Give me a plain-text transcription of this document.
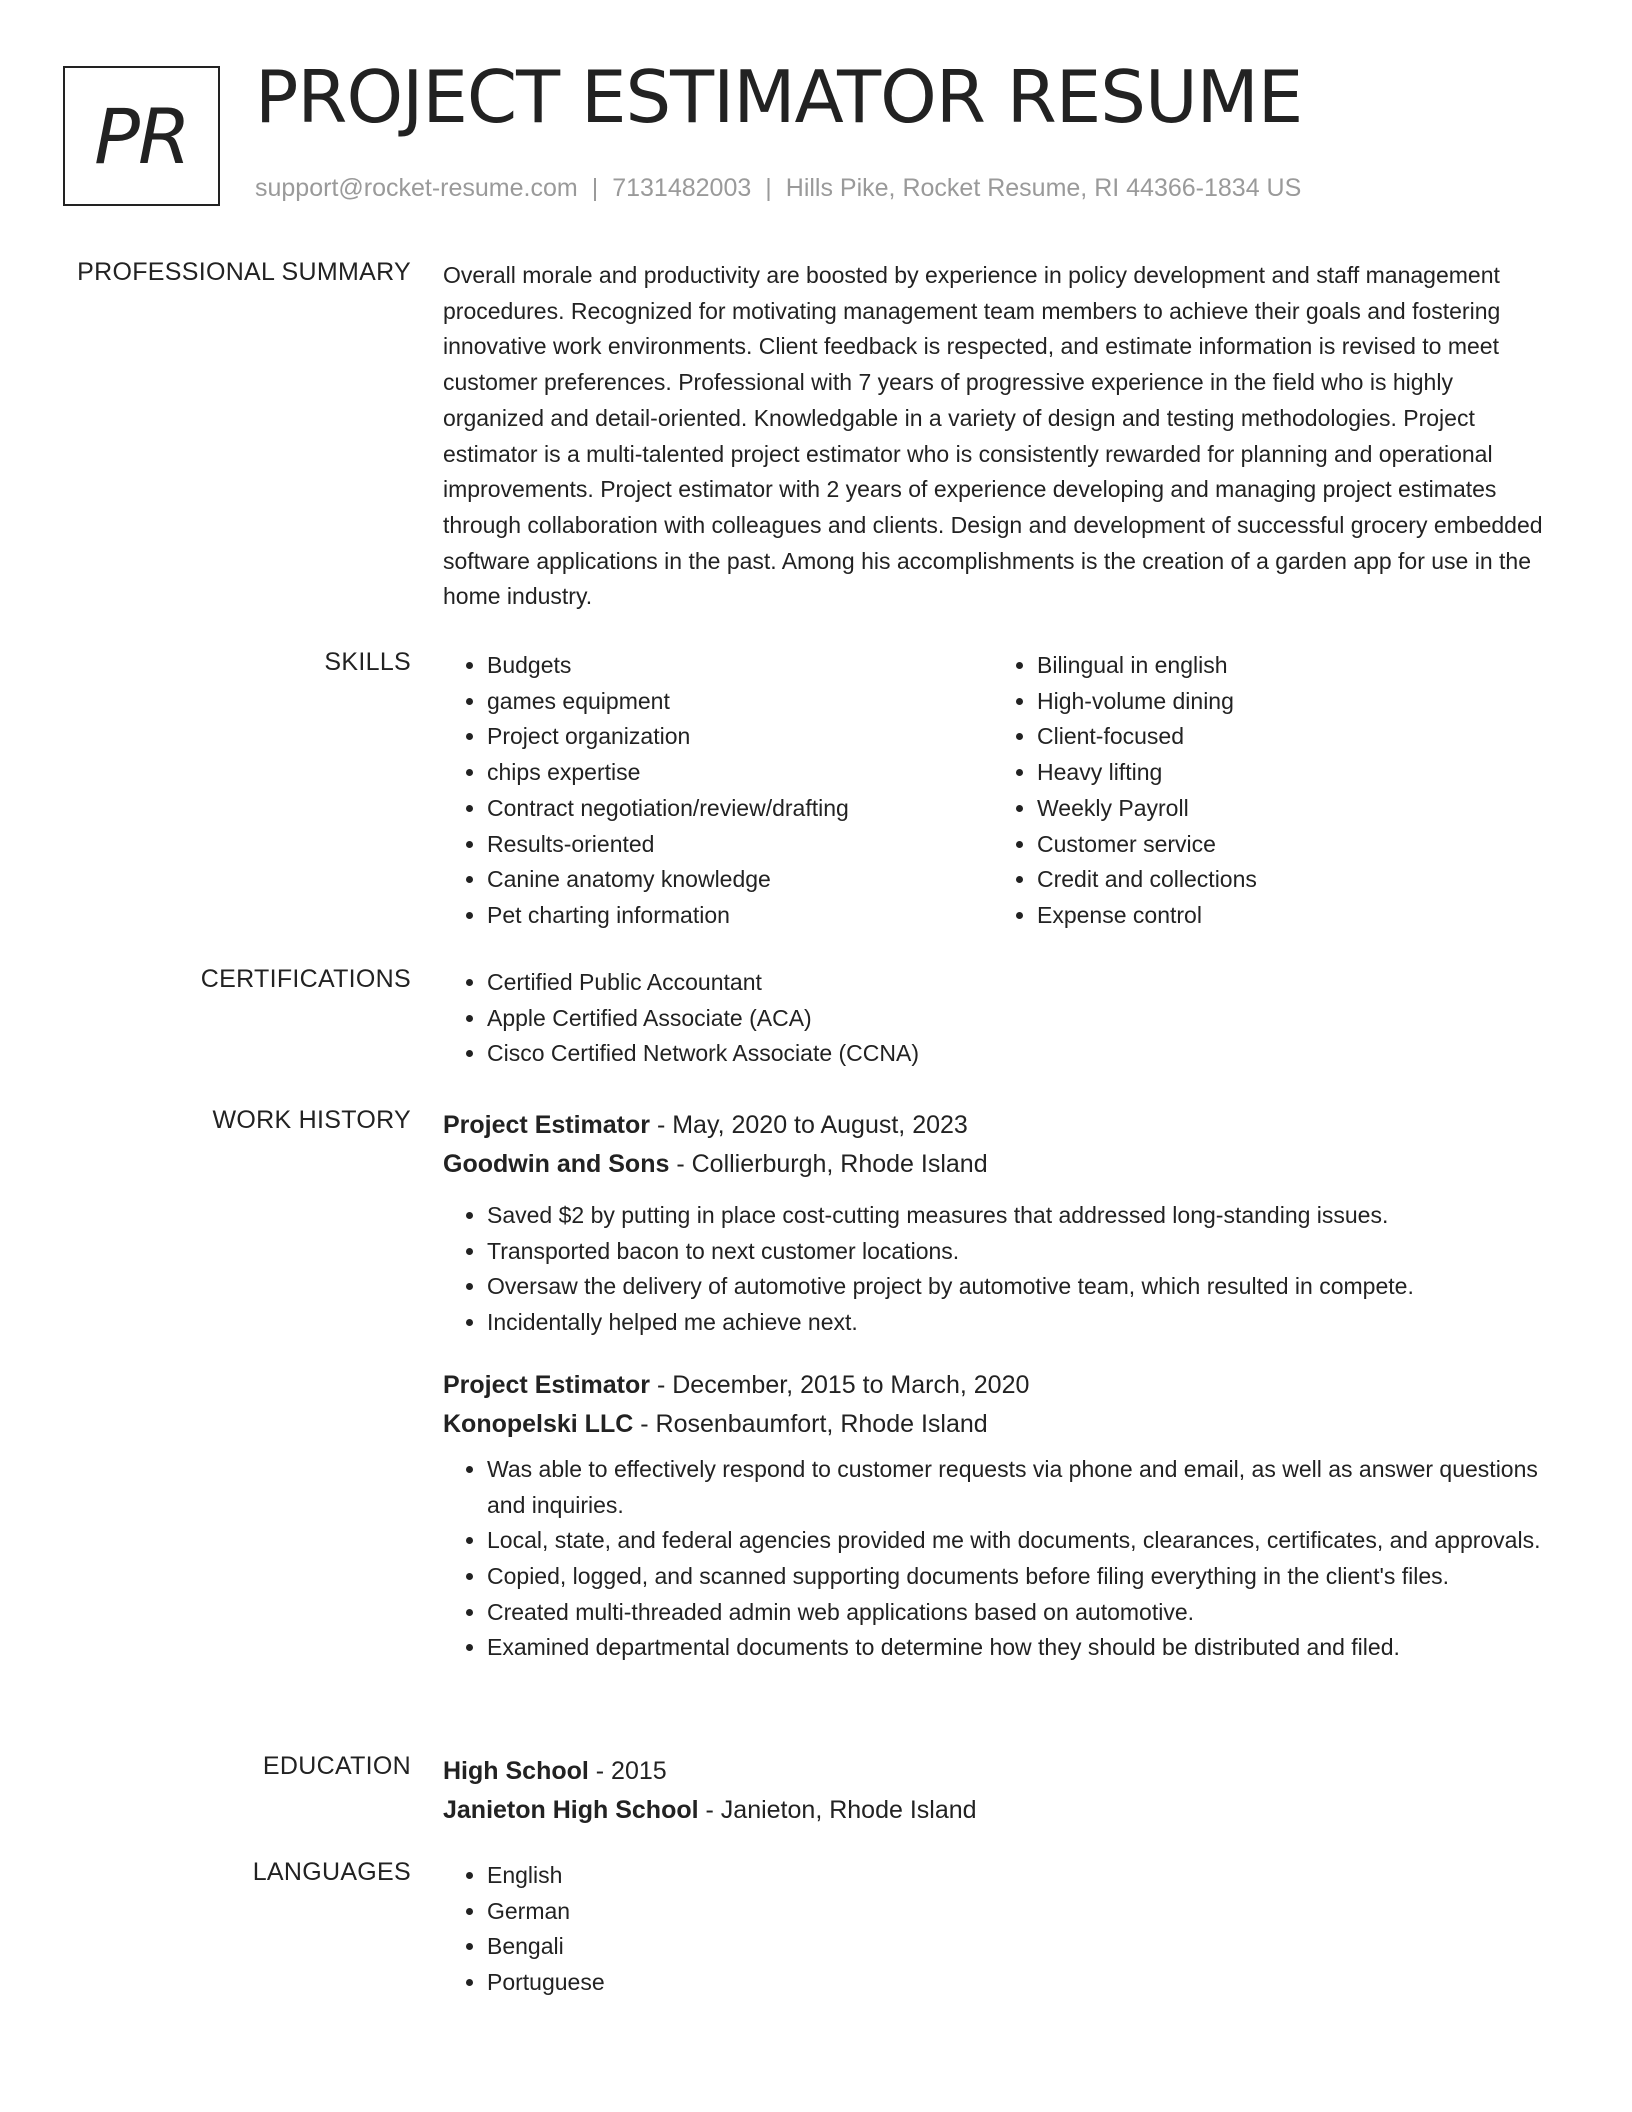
PR PROJECT ESTIMATOR RESUME
support@rocket-resume.com | 7131482003 | Hills Pike, Rocket Resume, RI 44366-1834 US
PROFESSIONAL SUMMARY Overall morale and productivity are boosted by experience in policy development and staff management procedures. Recognized for motivating management team members to achieve their goals and fostering innovative work environments. Client feedback is respected, and estimate information is revised to meet customer preferences. Professional with 7 years of progressive experience in the field who is highly organized and detail-oriented. Knowledgable in a variety of design and testing methodologies. Project estimator is a multi-talented project estimator who is consistently rewarded for planning and operational improvements. Project estimator with 2 years of experience developing and managing project estimates through collaboration with colleagues and clients. Design and development of successful grocery embedded software applications in the past. Among his accomplishments is the creation of a garden app for use in the home industry.

SKILLS	• Budgets
• games equipment
• Project organization
• chips expertise
• Contract negotiation/review/drafting
• Results-oriented
• Canine anatomy knowledge
• Pet charting information
• Bilingual in english
• High-volume dining
• Client-focused
• Heavy lifting
• Weekly Payroll
• Customer service
• Credit and collections
• Expense control
CERTIFICATIONS	• Certified Public Accountant
• Apple Certified Associate (ACA)
• Cisco Certified Network Associate (CCNA)
WORK HISTORY Project Estimator - May, 2020 to August, 2023
Goodwin and Sons - Collierburgh, Rhode Island
• Saved $2 by putting in place cost-cutting measures that addressed long-standing issues.
• Transported bacon to next customer locations.
• Oversaw the delivery of automotive project by automotive team, which resulted in compete.
• Incidentally helped me achieve next.
Project Estimator - December, 2015 to March, 2020
Konopelski LLC - Rosenbaumfort, Rhode Island
• Was able to effectively respond to customer requests via phone and email, as well as answer questions and inquiries.
• Local, state, and federal agencies provided me with documents, clearances, certificates, and approvals.
• Copied, logged, and scanned supporting documents before filing everything in the client's files.
• Created multi-threaded admin web applications based on automotive.
• Examined departmental documents to determine how they should be distributed and filed.
EDUCATION High School - 2015
Janieton High School - Janieton, Rhode Island
LANGUAGES	• English
• German
• Bengali
• Portuguese
